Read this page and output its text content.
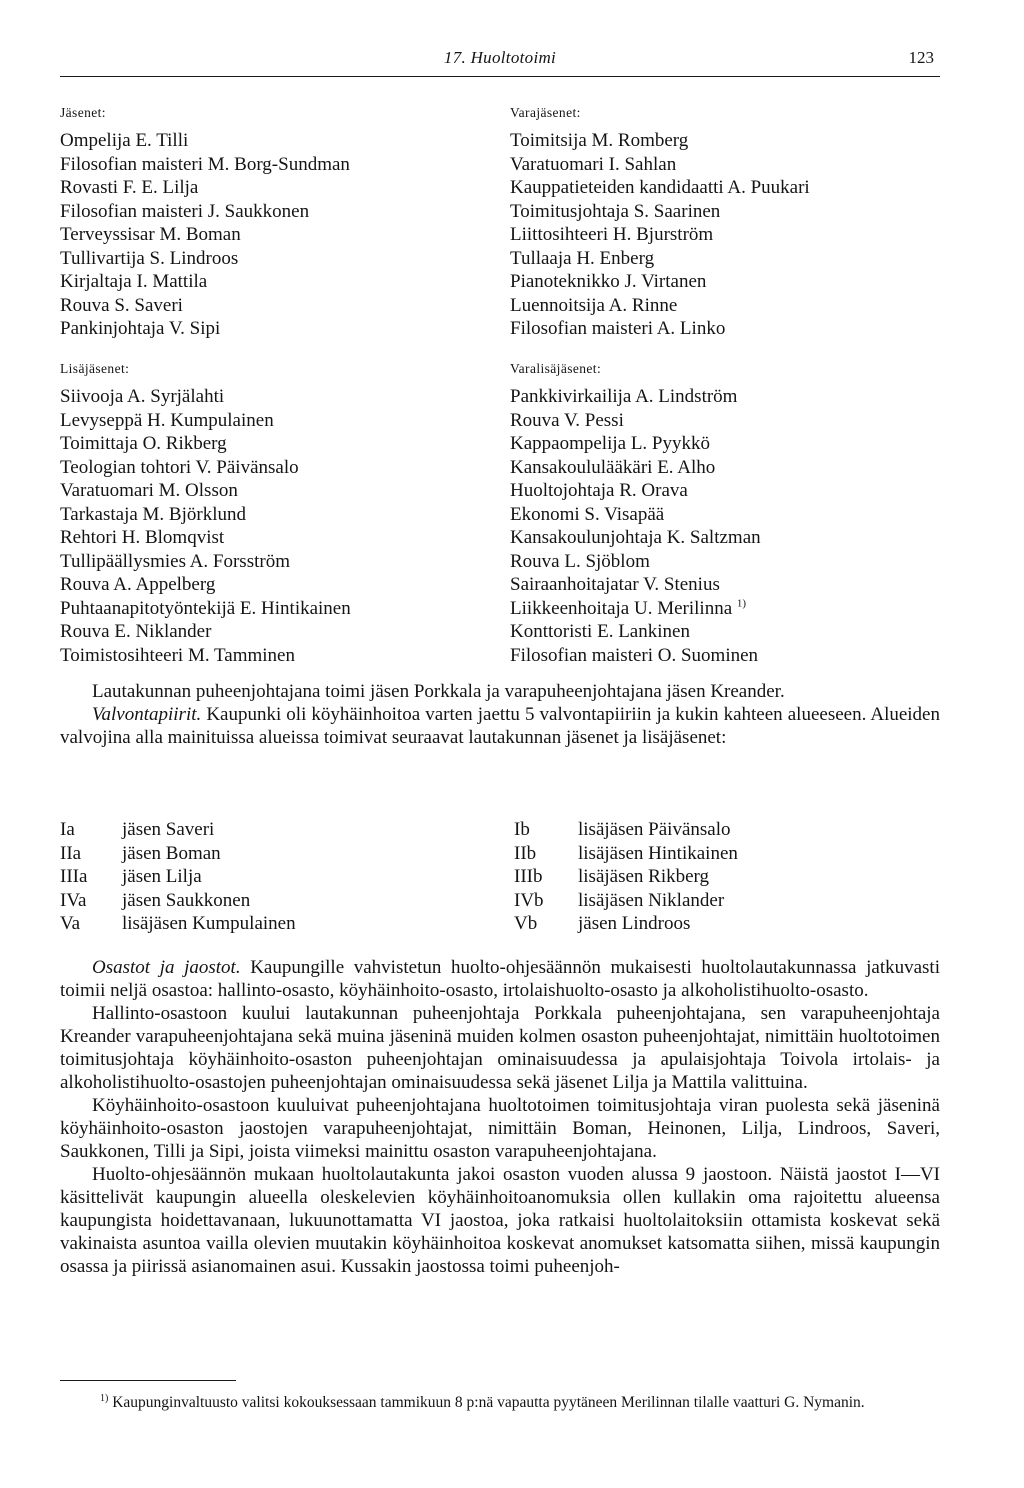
17. Huoltotoimi	123
Jäsenet:
Ompelija E. Tilli
Filosofian maisteri M. Borg-Sundman
Rovasti F. E. Lilja
Filosofian maisteri J. Saukkonen
Terveyssisar M. Boman
Tullivartija S. Lindroos
Kirjaltaja I. Mattila
Rouva S. Saveri
Pankinjohtaja V. Sipi
Varajäsenet:
Toimitsija M. Romberg
Varatuomari I. Sahlan
Kauppatieteiden kandidaatti A. Puukari
Toimitusjohtaja S. Saarinen
Liittosihteeri H. Bjurström
Tullaaja H. Enberg
Pianoteknikko J. Virtanen
Luennoitsija A. Rinne
Filosofian maisteri A. Linko
Lisäjäsenet:
Siivooja A. Syrjälahti
Levyseppä H. Kumpulainen
Toimittaja O. Rikberg
Teologian tohtori V. Päivänsalo
Varatuomari M. Olsson
Tarkastaja M. Björklund
Rehtori H. Blomqvist
Tullipäällysmies A. Forsström
Rouva A. Appelberg
Puhtaanapitotyöntekijä E. Hintikainen
Rouva E. Niklander
Toimistosihteeri M. Tamminen
Varalisäjäsenet:
Pankkivirkailija A. Lindström
Rouva V. Pessi
Kappaompelija L. Pyykkö
Kansakoululääkäri E. Alho
Huoltojohtaja R. Orava
Ekonomi S. Visapää
Kansakoulunjohtaja K. Saltzman
Rouva L. Sjöblom
Sairaanhoitajatar V. Stenius
Liikkeenhoitaja U. Merilinna $^{1)}$
Konttoristi E. Lankinen
Filosofian maisteri O. Suominen

Lautakunnan puheenjohtajana toimi jäsen Porkkala ja varapuheenjohtajana jäsen Kreander.

Valvontapiirit. Kaupunki oli köyhäinhoitoa varten jaettu 5 valvontapiiriin ja kukin kahteen alueeseen. Alueiden valvojina alla mainituissa alueissa toimivat seuraavat lautakunnan jäsenet ja lisäjäsenet:

Ia jäsen Saveri	Ib	lisäjäsen Päivänsalo
IIa jäsen Boman	IIb lisäjäsen Hintikainen
IIIa jäsen Lilja	IIIb lisäjäsen Rikberg
IVa jäsen Saukkonen	IVb lisäjäsen Niklander
Va lisäjäsen Kumpulainen	Vb jäsen Lindroos

Osastot ja jaostot. Kaupungille vahvistetun huolto-ohjesäännön mukaisesti huoltolautakunnassa jatkuvasti toimii neljä osastoa: hallinto-osasto, köyhäinhoito-osasto, irtolaishuolto-osasto ja alkoholistihuolto-osasto.

Hallinto-osastoon kuului lautakunnan puheenjohtaja Porkkala puheenjohtajana, sen varapuheenjohtaja Kreander varapuheenjohtajana sekä muina jäseninä muiden kolmen osaston puheenjohtajat, nimittäin huoltotoimen toimitusjohtaja köyhäinhoito-osaston puheenjohtajan ominaisuudessa ja apulaisjohtaja Toivola irtolais- ja alkoholistihuolto-osastojen puheenjohtajan ominaisuudessa sekä jäsenet Lilja ja Mattila valittuina.

Köyhäinhoito-osastoon kuuluivat puheenjohtajana huoltotoimen toimitusjohtaja viran puolesta sekä jäseninä köyhäinhoito-osaston jaostojen varapuheenjohtajat, nimittäin Boman, Heinonen, Lilja, Lindroos, Saveri, Saukkonen, Tilli ja Sipi, joista viimeksi mainittu osaston varapuheenjohtajana.

Huolto-ohjesäännön mukaan huoltolautakunta jakoi osaston vuoden alussa 9 jaostoon. Näistä jaostot I—VI käsittelivät kaupungin alueella oleskelevien köyhäinhoitoanomuksia ollen kullakin oma rajoitettu alueensa kaupungista hoidettavanaan, lukuunottamatta VI jaostoa, joka ratkaisi huoltolaitoksiin ottamista koskevat sekä vakinaista asuntoa vailla olevien muutakin köyhäinhoitoa koskevat anomukset katsomatta siihen, missä kaupungin osassa ja piirissä asianomainen asui. Kussakin jaostossa toimi puheenjoh-

$^{1)}$ Kaupunginvaltuusto valitsi kokouksessaan tammikuun 8 p:nä vapautta pyytäneen Merilinnan tilalle vaatturi G. Nymanin.
